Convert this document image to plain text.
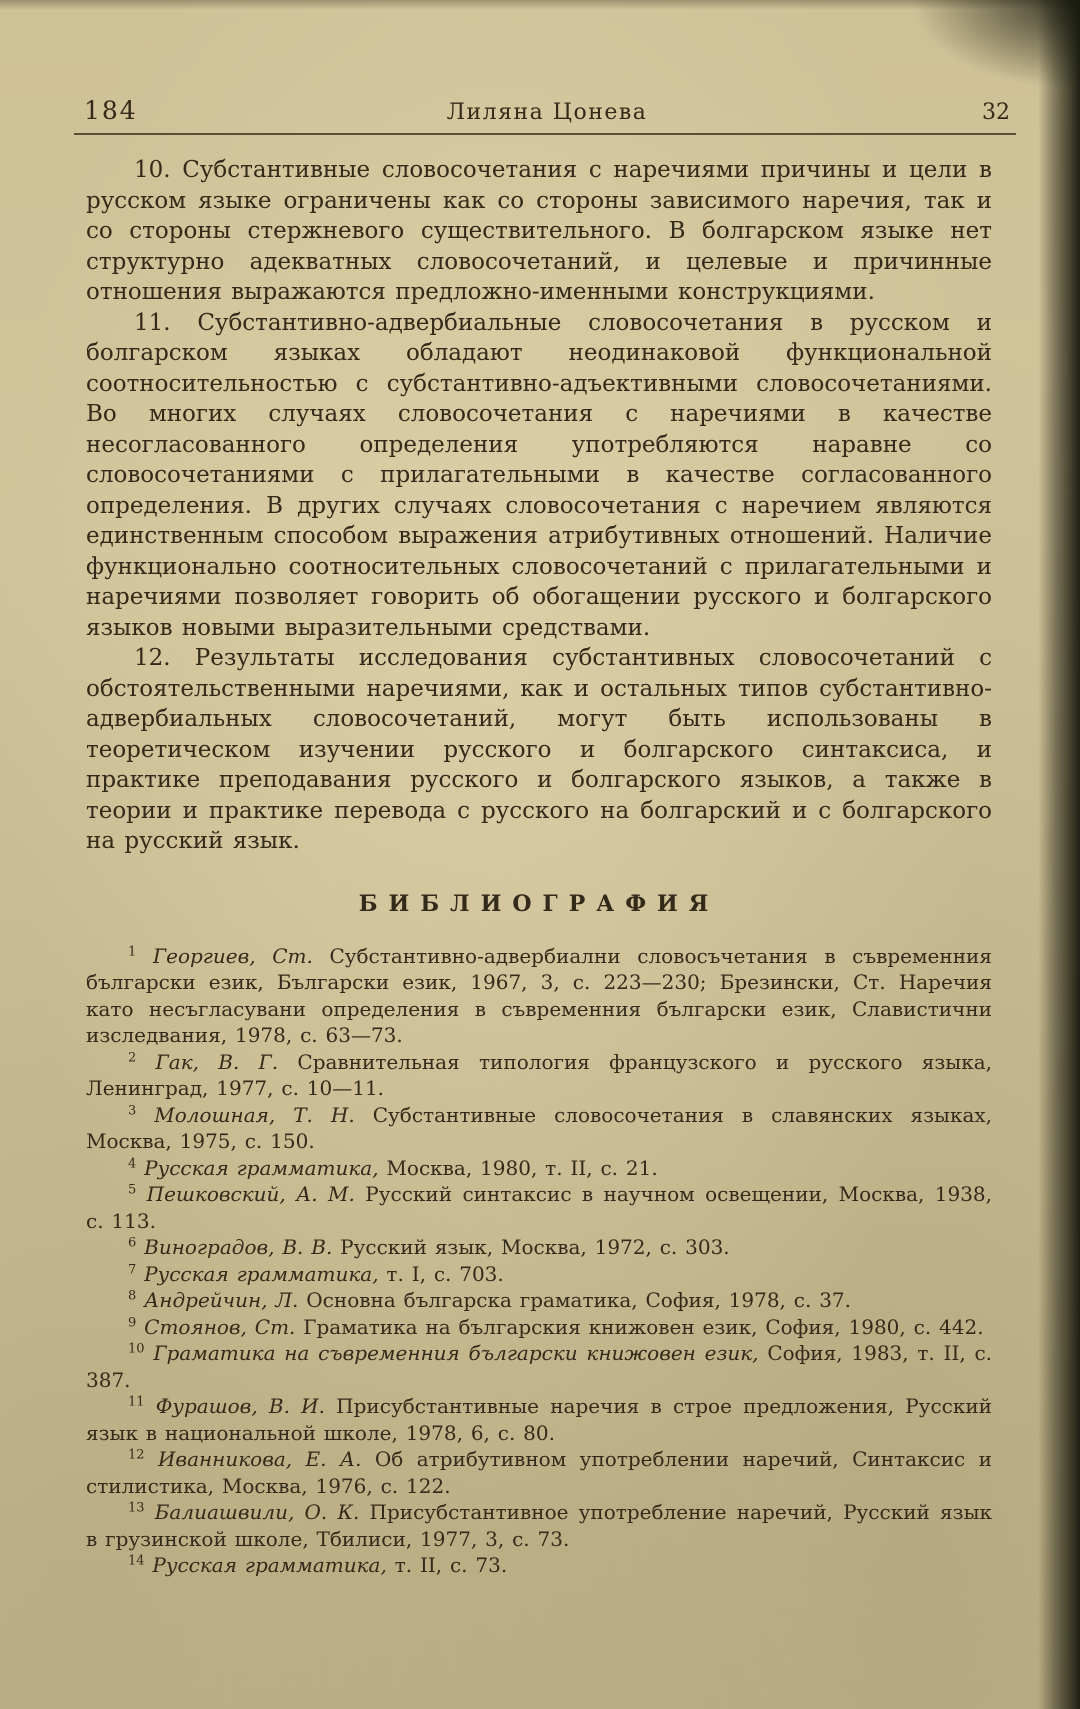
184	Лиляна Цонева	32

10. Субстантивные словосочетания с наречиями причины и цели в русском языке ограничены как со стороны зависимого наречия, так и со стороны стержневого существительного. В болгарском языке нет структурно адекватных словосочетаний, и целевые и причинные отношения выражаются предложно-именными конструкциями.

11. Субстантивно-адвербиальные словосочетания в русском и болгарском языках обладают неодинаковой функциональной соотносительностью с субстантивно-адъективными словосочетаниями. Во многих случаях словосочетания с наречиями в качестве несогласованного определения употребляются наравне со словосочетаниями с прилагательными в качестве согласованного определения. В других случаях словосочетания с наречием являются единственным способом выражения атрибутивных отношений. Наличие функционально соотносительных словосочетаний с прилагательными и наречиями позволяет говорить об обогащении русского и болгарского языков новыми выразительными средствами.

12. Результаты исследования субстантивных словосочетаний с обстоятельственными наречиями, как и остальных типов субстантивно-адвербиальных словосочетаний, могут быть использованы в теоретическом изучении русского и болгарского синтаксиса, и практике преподавания русского и болгарского языков, а также в теории и практике перевода с русского на болгарский и с болгарского на русский язык.

БИБЛИОГРАФИЯ

$^1$ Георгиев, Ст. Субстантивно-адвербиални словосъчетания в съвременния български език, Български език, 1967, 3, с. 223—230; Брезински, Ст. Наречия като несъгласувани определения в съвременния български език, Славистични изследвания, 1978, с. 63—73.

$^2$ Гак, В. Г. Сравнительная типология французского и русского языка, Ленинград, 1977, с. 10—11.

$^3$ Молошная, Т. Н. Субстантивные словосочетания в славянских языках, Москва, 1975, с. 150.

$^4$ Русская грамматика, Москва, 1980, т. II, с. 21.

$^5$ Пешковский, А. М. Русский синтаксис в научном освещении, Москва, 1938, с. 113.

$^6$ Виноградов, В. В. Русский язык, Москва, 1972, с. 303.

$^7$ Русская грамматика, т. I, с. 703.

$^8$ Андрейчин, Л. Основна българска граматика, София, 1978, с. 37.

$^9$ Стоянов, Ст. Граматика на българския книжовен език, София, 1980, с. 442.

$^{10}$ Граматика на съвременния български книжовен език, София, 1983, т. II, с. 387.

$^{11}$ Фурашов, В. И. Присубстантивные наречия в строе предложения, Русский язык в национальной школе, 1978, 6, с. 80.

$^{12}$ Иванникова, Е. А. Об атрибутивном употреблении наречий, Синтаксис и стилистика, Москва, 1976, с. 122.

$^{13}$ Балиашвили, О. К. Присубстантивное употребление наречий, Русский язык в грузинской школе, Тбилиси, 1977, 3, с. 73.

$^{14}$ Русская грамматика, т. II, с. 73.
